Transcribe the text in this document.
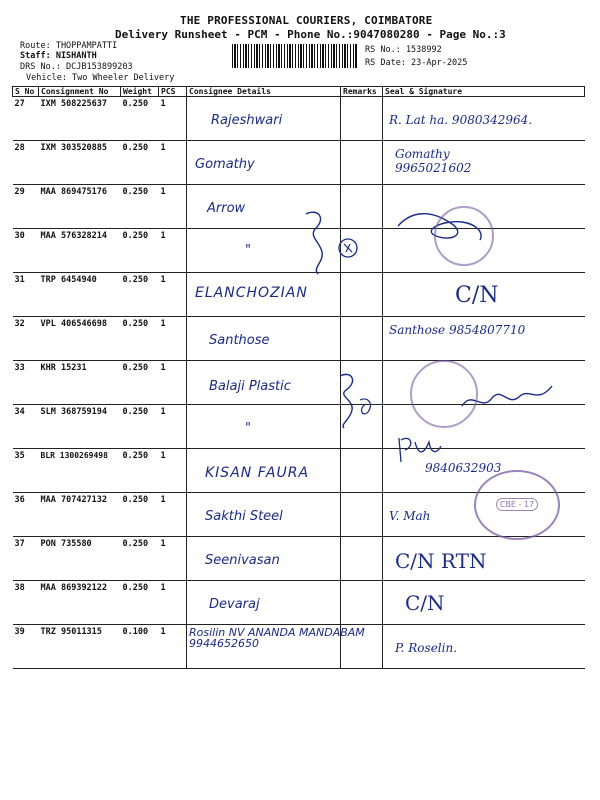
THE PROFESSIONAL COURIERS, COIMBATORE
Delivery Runsheet - PCM - Phone No.:9047080280 - Page No.:3
Route: THOPPAMPATTI
Staff: NISHANTH
DRS No.: DCJB153899203
Vehicle: Two Wheeler Delivery
RS No.: 1538992
RS Date: 23-Apr-2025
S No	Consignment No	Weight	PCS	Consignee Details	Remarks	Seal & Signature
27	IXM 508225637	0.250	1	Rajeshwari		R. Lat ha. 9080342964.

28	IXM 303520885	0.250	1	Gomathy		Gomathy 9965021602

29	MAA 869475176	0.250	1	Arrow		

30	MAA 576328214	0.250	1	"		

31	TRP 6454940	0.250	1	ELANCHOZIAN		C/N

32	VPL 406546698	0.250	1	Santhose		Santhose 9854807710

33	KHR 15231	0.250	1	Balaji Plastic		

34	SLM 368759194	0.250	1	"		

35	BLR 1300269498	0.250	1	KISAN FAURA		9840632903

36	MAA 707427132	0.250	1	Sakthi Steel		V. Mah

37	PON 735580	0.250	1	Seenivasan		C/N RTN

38	MAA 869392122	0.250	1	Devaraj		C/N

39	TRZ 95011315	0.100	1	Rosilin NV ANANDA MANDABAM 9944652650		P. Roselin.
CBE - 17
